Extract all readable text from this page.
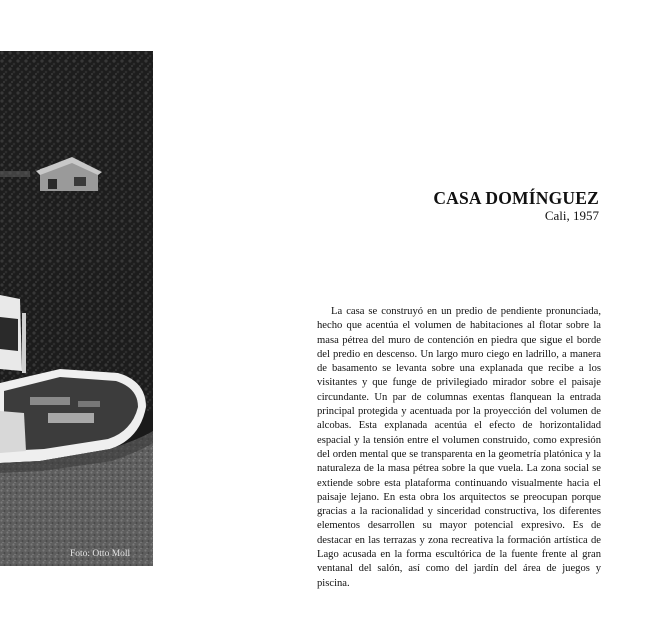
Foto: Otto Moll
CASA DOMÍNGUEZ

Cali, 1957

La casa se construyó en un predio de pendiente pronunciada, hecho que acentúa el volumen de habitaciones al flotar sobre la masa pétrea del muro de contención en piedra que sigue el borde del predio en descenso. Un largo muro ciego en ladrillo, a manera de basamento se levanta sobre una explanada que recibe a los visitantes y que funge de privilegiado mirador sobre el paisaje circundante. Un par de columnas exentas flanquean la entrada principal protegida y acentuada por la proyección del volumen de alcobas. Esta explanada acentúa el efecto de horizontalidad espacial y la tensión entre el volumen construido, como expresión del orden mental que se transparenta en la geometría platónica y la naturaleza de la masa pétrea sobre la que vuela. La zona social se extiende sobre esta plataforma continuando visualmente hacia el paisaje lejano. En esta obra los arquitectos se preocupan porque gracias a la racionalidad y sinceridad constructiva, los diferentes elementos desarrollen su mayor potencial expresivo. Es de destacar en las terrazas y zona recreativa la formación artística de Lago acusada en la forma escultórica de la fuente frente al gran ventanal del salón, así como del jardín del área de juegos y piscina.
